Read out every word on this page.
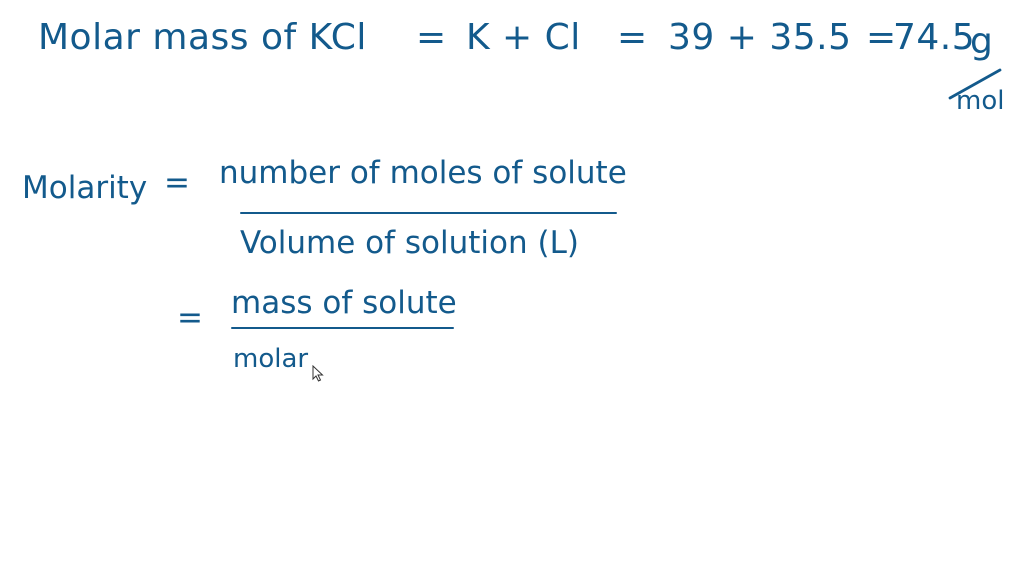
Molar mass of KCl = K + Cl = 39 + 35.5 =
74.5
g
mol
Molarity = number of moles of solute
Volume of solution (L)
= mass of solute
molar
